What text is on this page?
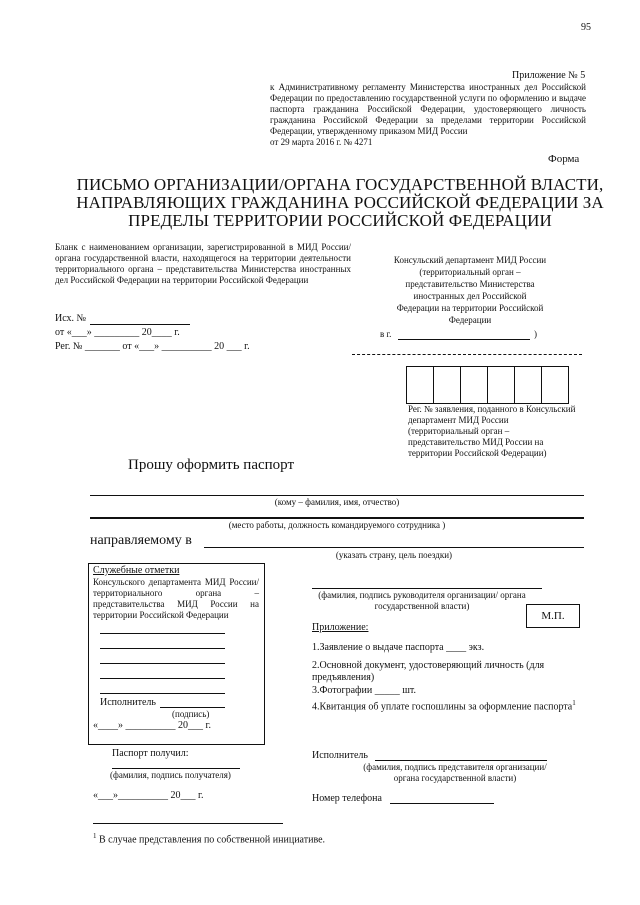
95
Приложение № 5
к Административному регламенту Министерства иностранных дел Российской Федерации по предоставлению государственной услуги по оформлению и выдаче паспорта гражданина Российской Федерации, удостоверяющего личность гражданина Российской Федерации за пределами территории Российской Федерации, утвержденному приказом МИД России
от 29 марта 2016 г. № 4271
Форма
ПИСЬМО ОРГАНИЗАЦИИ/ОРГАНА ГОСУДАРСТВЕННОЙ ВЛАСТИ,
НАПРАВЛЯЮЩИХ ГРАЖДАНИНА РОССИЙСКОЙ ФЕДЕРАЦИИ ЗА
ПРЕДЕЛЫ ТЕРРИТОРИИ РОССИЙСКОЙ ФЕДЕРАЦИИ
Бланк с наименованием организации, зарегистрированной в МИД России/ органа государственной власти, находящегося на территории деятельности территориального органа – представительства Министерства иностранных дел Российской Федерации на территории Российской Федерации
Исх. №
от «___» _________ 20____ г.
Рег. № _______ от «___» __________ 20 ___ г.
Консульский департамент МИД России
(территориальный орган –
представительство Министерства
иностранных дел Российской
Федерации на территории Российской
Федерации
в г.	)
Рег. № заявления, поданного в Консульский департамент МИД России (территориальный орган – представительство МИД России на территории Российской Федерации)
Прошу оформить паспорт
(кому – фамилия, имя, отчество)
(место работы, должность командируемого сотрудника )
направляемому в
(указать страну, цель поездки)
Служебные отметки
Консульского департамента МИД России/территориального органа – представительства МИД России на территории Российской Федерации
Исполнитель
(подпись)
«____» __________ 20___ г.
(фамилия, подпись руководителя организации/ органа государственной власти)
М.П.
Приложение:
1.Заявление о выдаче паспорта ____ экз.
2.Основной документ, удостоверяющий личность (для предъявления)
3.Фотографии _____ шт.
4.Квитанция об уплате госпошлины за оформление паспорта$^1$
Паспорт получил:
(фамилия, подпись получателя)
«___»__________ 20___ г.
Исполнитель
(фамилия, подпись представителя организации/ органа государственной власти)
Номер телефона
$^1$ В случае представления по собственной инициативе.
